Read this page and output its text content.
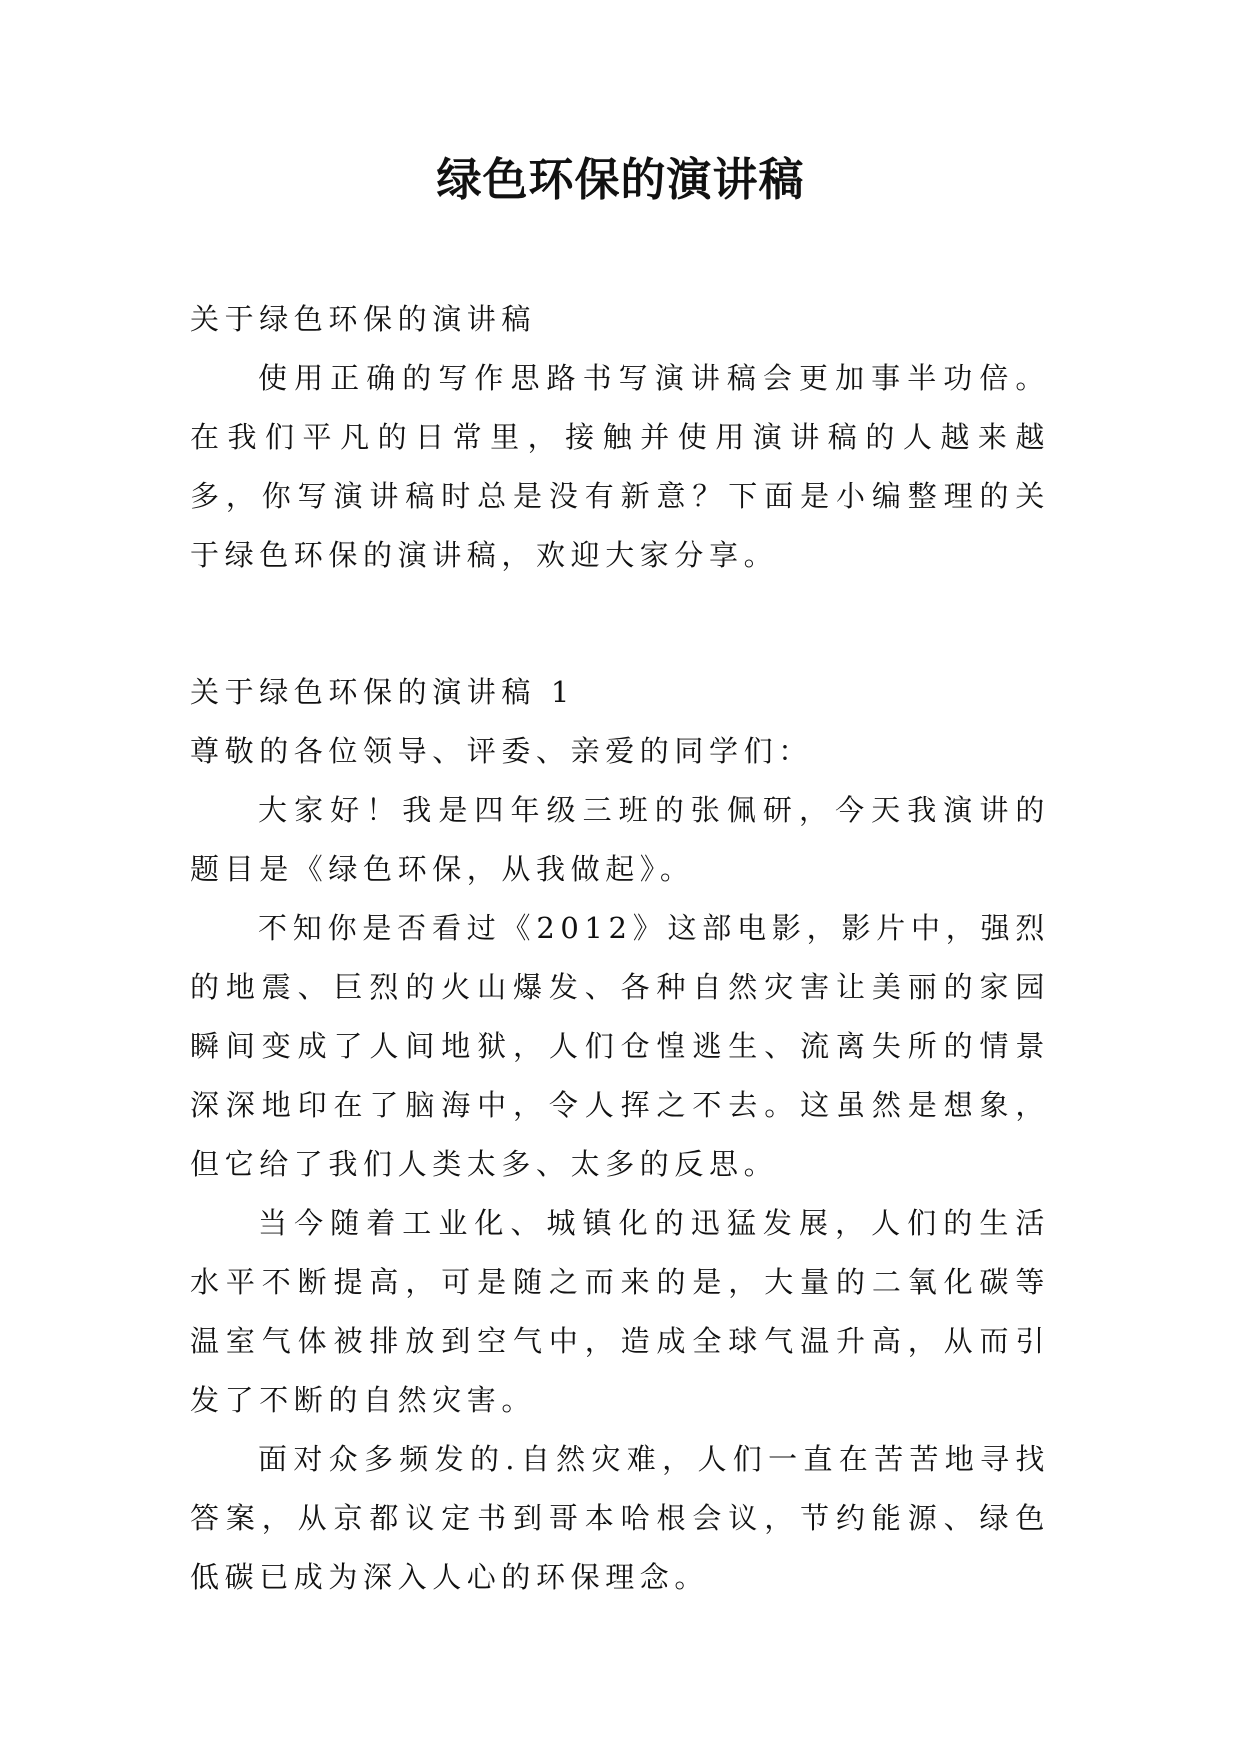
绿色环保的演讲稿

关于绿色环保的演讲稿

使用正确的写作思路书写演讲稿会更加事半功倍。在我们平凡的日常里，接触并使用演讲稿的人越来越多，你写演讲稿时总是没有新意？下面是小编整理的关于绿色环保的演讲稿，欢迎大家分享。

关于绿色环保的演讲稿 1

尊敬的各位领导、评委、亲爱的同学们：

大家好！我是四年级三班的张佩研，今天我演讲的题目是《绿色环保，从我做起》。

不知你是否看过《2012》这部电影，影片中，强烈的地震、巨烈的火山爆发、各种自然灾害让美丽的家园瞬间变成了人间地狱，人们仓惶逃生、流离失所的情景深深地印在了脑海中，令人挥之不去。这虽然是想象，但它给了我们人类太多、太多的反思。

当今随着工业化、城镇化的迅猛发展，人们的生活水平不断提高，可是随之而来的是，大量的二氧化碳等温室气体被排放到空气中，造成全球气温升高，从而引发了不断的自然灾害。

面对众多频发的.自然灾难，人们一直在苦苦地寻找答案，从京都议定书到哥本哈根会议，节约能源、绿色低碳已成为深入人心的环保理念。
